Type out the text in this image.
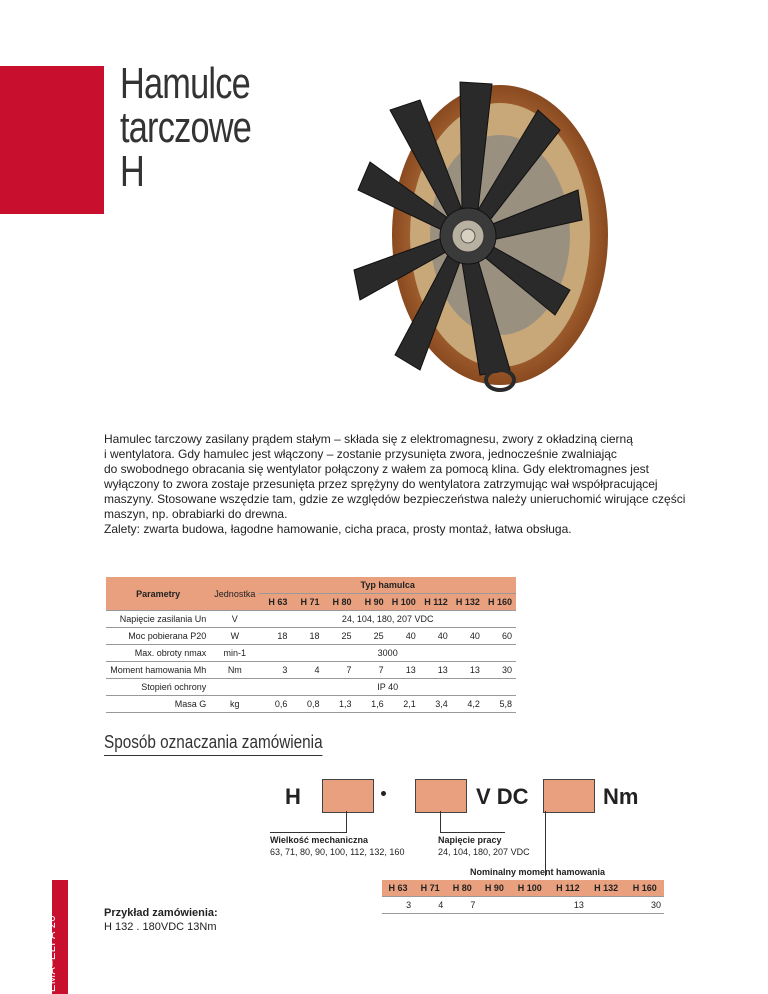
Hamulce
tarczowe
H

Hamulec tarczowy zasilany prądem stałym – składa się z elektromagnesu, zwory z okładziną cierną

i wentylatora. Gdy hamulec jest włączony – zostanie przysunięta zwora, jednocześnie zwalniając

do swobodnego obracania się wentylator połączony z wałem za pomocą klina. Gdy elektromagnes jest

wyłączony to zwora zostaje przesunięta przez sprężyny do wentylatora zatrzymując wał współpracującej

maszyny. Stosowane wszędzie tam, gdzie ze względów bezpieczeństwa należy unieruchomić wirujące części

maszyn, np. obrabiarki do drewna.

Zalety: zwarta budowa, łagodne hamowanie, cicha praca, prosty montaż, łatwa obsługa.

Parametry	Jednostka	Typ hamulca							
		H 63	H 71	H 80	H 90	H 100	H 112	H 132	H 160
Napięcie zasilania Un	V	24, 104, 180, 207 VDC							
Moc pobierana P20	W	18	18	25	25	40	40	40	60
Max. obroty nmax	min-1	3000							
Moment hamowania Mh	Nm	3	4	7	7	13	13	13	30
Stopień ochrony		IP 40							
Masa G	kg	0,6	0,8	1,3	1,6	2,1	3,4	4,2	5,8
Sposób oznaczania zamówienia
H	V DC	Nm
Wielkość mechaniczna
63, 71, 80, 90, 100, 112, 132, 160
Napięcie pracy
24, 104, 180, 207 VDC
Nominalny moment hamowania
H 63	H 71	H 80	H 90	H 100	H 112	H 132	H 160
3	4	7			13		30
EMA–ELFA 20
Przykład zamówienia:
H 132 . 180VDC 13Nm
